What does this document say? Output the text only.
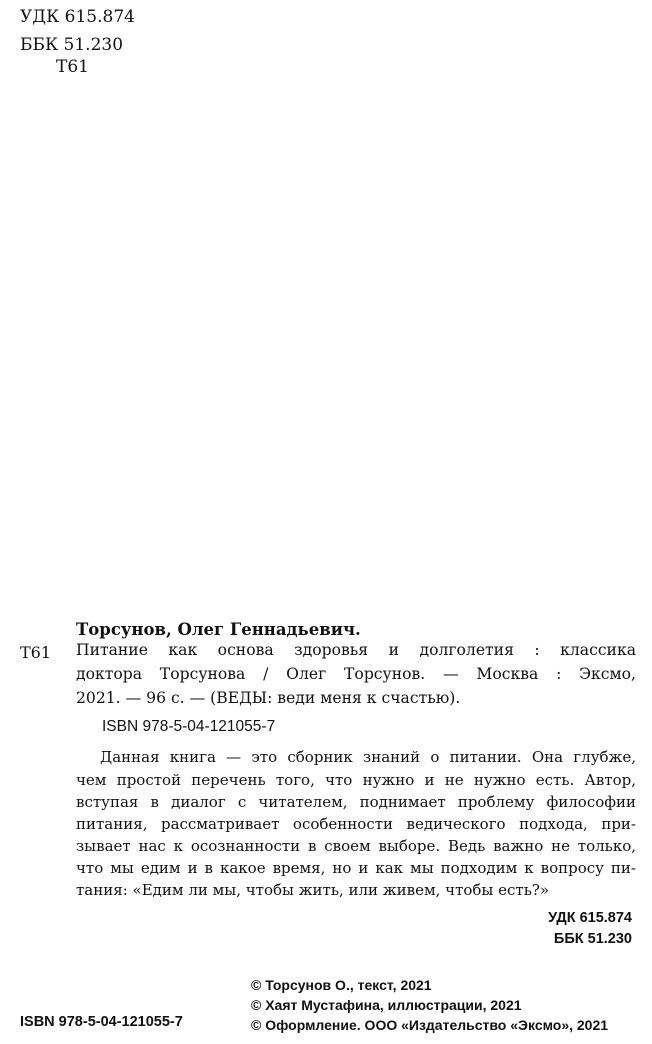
УДК 615.874
ББК 51.230
Т61
Торсунов, Олег Геннадьевич.
Т61 Питание как основа здоровья и долголетия : классика
доктора Торсунова / Олег Торсунов. — Москва : Эксмо,
2021. — 96 с. — (ВЕДЫ: веди меня к счастью).
ISBN 978-5-04-121055-7
Данная книга — это сборник знаний о питании. Она глубже,
чем простой перечень того, что нужно и не нужно есть. Автор,
вступая в диалог с читателем, поднимает проблему философии
питания, рассматривает особенности ведического подхода, при-
зывает нас к осознанности в своем выборе. Ведь важно не только,
что мы едим и в какое время, но и как мы подходим к вопросу пи-
тания: «Едим ли мы, чтобы жить, или живем, чтобы есть?»
УДК 615.874
ББК 51.230
© Торсунов О., текст, 2021
© Хаят Мустафина, иллюстрации, 2021
© Оформление. ООО «Издательство «Эксмо», 2021
ISBN 978-5-04-121055-7
